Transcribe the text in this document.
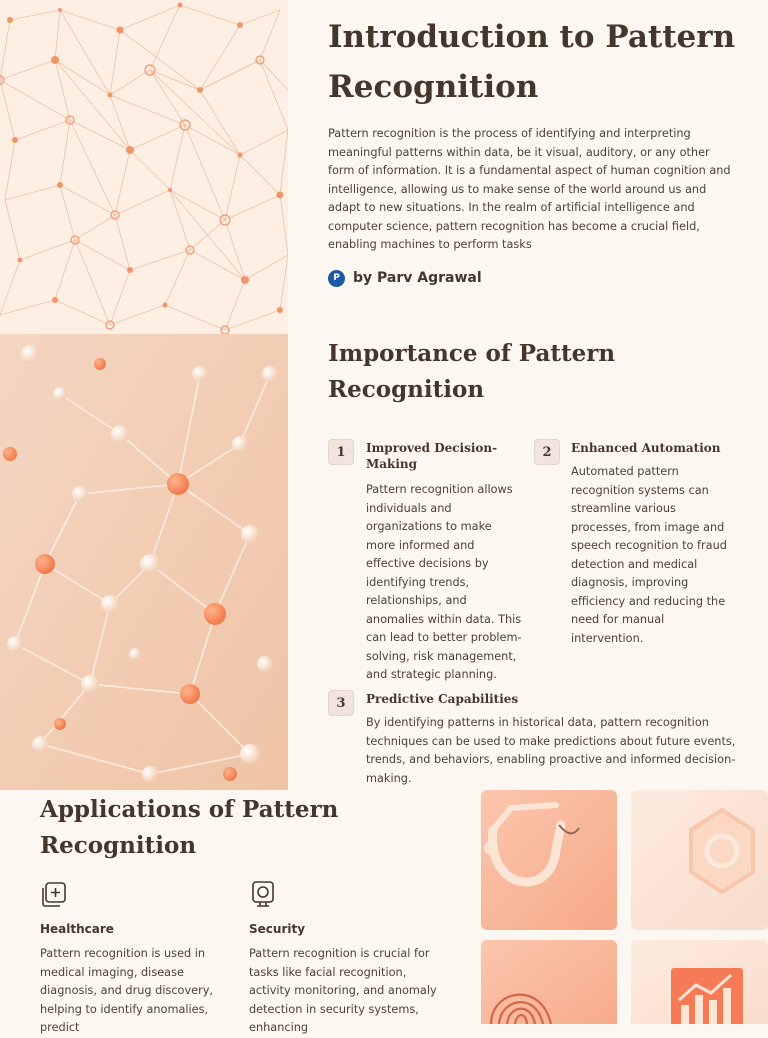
Introduction to Pattern Recognition

Pattern recognition is the process of identifying and interpreting meaningful patterns within data, be it visual, auditory, or any other form of information. It is a fundamental aspect of human cognition and intelligence, allowing us to make sense of the world around us and adapt to new situations. In the realm of artificial intelligence and computer science, pattern recognition has become a crucial field, enabling machines to perform tasks

P by Parv Agrawal
Importance of Pattern Recognition
1	Improved Decision-Making

Pattern recognition allows individuals and organizations to make more informed and effective decisions by identifying trends, relationships, and anomalies within data. This can lead to better problem-solving, risk management, and strategic planning.

2	Enhanced Automation

Automated pattern recognition systems can streamline various processes, from image and speech recognition to fraud detection and medical diagnosis, improving efficiency and reducing the need for manual intervention.

3	Predictive Capabilities

By identifying patterns in historical data, pattern recognition techniques can be used to make predictions about future events, trends, and behaviors, enabling proactive and informed decision-making.

Applications of Pattern Recognition

Healthcare

Pattern recognition is used in medical imaging, disease diagnosis, and drug discovery, helping to identify anomalies, predict

Security

Pattern recognition is crucial for tasks like facial recognition, activity monitoring, and anomaly detection in security systems, enhancing
